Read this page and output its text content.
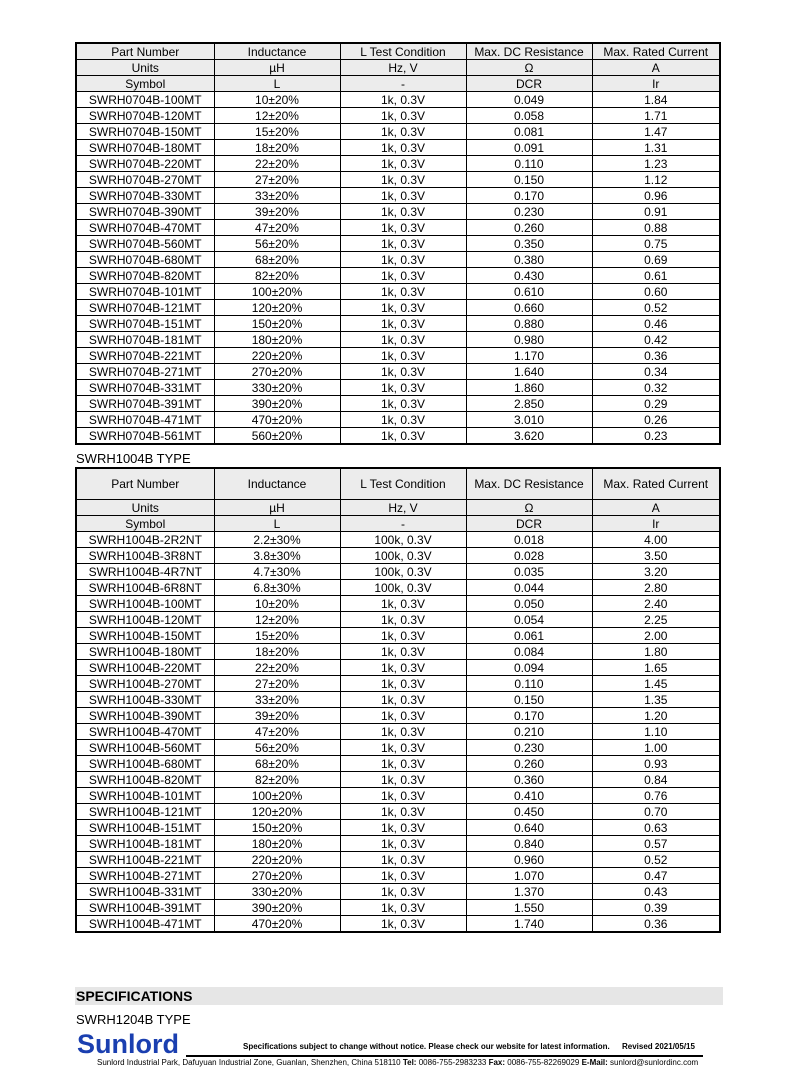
Part Number	Inductance	L Test Condition	Max. DC Resistance	Max. Rated Current
Units	µH	Hz, V	Ω	A
Symbol	L	-	DCR	Ir
SWRH0704B-100MT	10±20%	1k, 0.3V	0.049	1.84
SWRH0704B-120MT	12±20%	1k, 0.3V	0.058	1.71
SWRH0704B-150MT	15±20%	1k, 0.3V	0.081	1.47
SWRH0704B-180MT	18±20%	1k, 0.3V	0.091	1.31
SWRH0704B-220MT	22±20%	1k, 0.3V	0.110	1.23
SWRH0704B-270MT	27±20%	1k, 0.3V	0.150	1.12
SWRH0704B-330MT	33±20%	1k, 0.3V	0.170	0.96
SWRH0704B-390MT	39±20%	1k, 0.3V	0.230	0.91
SWRH0704B-470MT	47±20%	1k, 0.3V	0.260	0.88
SWRH0704B-560MT	56±20%	1k, 0.3V	0.350	0.75
SWRH0704B-680MT	68±20%	1k, 0.3V	0.380	0.69
SWRH0704B-820MT	82±20%	1k, 0.3V	0.430	0.61
SWRH0704B-101MT	100±20%	1k, 0.3V	0.610	0.60
SWRH0704B-121MT	120±20%	1k, 0.3V	0.660	0.52
SWRH0704B-151MT	150±20%	1k, 0.3V	0.880	0.46
SWRH0704B-181MT	180±20%	1k, 0.3V	0.980	0.42
SWRH0704B-221MT	220±20%	1k, 0.3V	1.170	0.36
SWRH0704B-271MT	270±20%	1k, 0.3V	1.640	0.34
SWRH0704B-331MT	330±20%	1k, 0.3V	1.860	0.32
SWRH0704B-391MT	390±20%	1k, 0.3V	2.850	0.29
SWRH0704B-471MT	470±20%	1k, 0.3V	3.010	0.26
SWRH0704B-561MT	560±20%	1k, 0.3V	3.620	0.23
SWRH1004B TYPE
Part Number	Inductance	L Test Condition	Max. DC Resistance	Max. Rated Current
Units	µH	Hz, V	Ω	A
Symbol	L	-	DCR	Ir
SWRH1004B-2R2NT	2.2±30%	100k, 0.3V	0.018	4.00
SWRH1004B-3R8NT	3.8±30%	100k, 0.3V	0.028	3.50
SWRH1004B-4R7NT	4.7±30%	100k, 0.3V	0.035	3.20
SWRH1004B-6R8NT	6.8±30%	100k, 0.3V	0.044	2.80
SWRH1004B-100MT	10±20%	1k, 0.3V	0.050	2.40
SWRH1004B-120MT	12±20%	1k, 0.3V	0.054	2.25
SWRH1004B-150MT	15±20%	1k, 0.3V	0.061	2.00
SWRH1004B-180MT	18±20%	1k, 0.3V	0.084	1.80
SWRH1004B-220MT	22±20%	1k, 0.3V	0.094	1.65
SWRH1004B-270MT	27±20%	1k, 0.3V	0.110	1.45
SWRH1004B-330MT	33±20%	1k, 0.3V	0.150	1.35
SWRH1004B-390MT	39±20%	1k, 0.3V	0.170	1.20
SWRH1004B-470MT	47±20%	1k, 0.3V	0.210	1.10
SWRH1004B-560MT	56±20%	1k, 0.3V	0.230	1.00
SWRH1004B-680MT	68±20%	1k, 0.3V	0.260	0.93
SWRH1004B-820MT	82±20%	1k, 0.3V	0.360	0.84
SWRH1004B-101MT	100±20%	1k, 0.3V	0.410	0.76
SWRH1004B-121MT	120±20%	1k, 0.3V	0.450	0.70
SWRH1004B-151MT	150±20%	1k, 0.3V	0.640	0.63
SWRH1004B-181MT	180±20%	1k, 0.3V	0.840	0.57
SWRH1004B-221MT	220±20%	1k, 0.3V	0.960	0.52
SWRH1004B-271MT	270±20%	1k, 0.3V	1.070	0.47
SWRH1004B-331MT	330±20%	1k, 0.3V	1.370	0.43
SWRH1004B-391MT	390±20%	1k, 0.3V	1.550	0.39
SWRH1004B-471MT	470±20%	1k, 0.3V	1.740	0.36
SPECIFICATIONS
SWRH1204B TYPE
Sunlord	Specifications subject to change without notice. Please check our website for latest information. Revised 2021/05/15
Sunlord Industrial Park, Dafuyuan Industrial Zone, Guanlan, Shenzhen, China 518110 Tel: 0086-755-2983233 Fax: 0086-755-82269029 E-Mail: sunlord@sunlordinc.com
